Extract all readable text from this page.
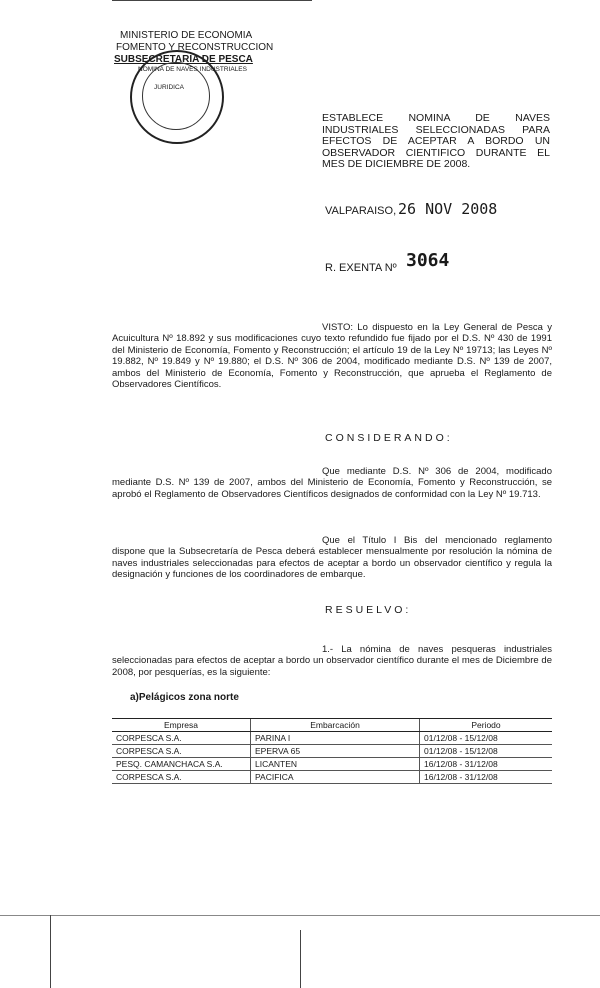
MINISTERIO DE ECONOMIA
FOMENTO Y RECONSTRUCCION
SUBSECRETARIA DE PESCA
NOMINA DE NAVES INDUSTRIALES
JURIDICA
ESTABLECE NOMINA DE NAVES INDUSTRIALES SELECCIONADAS PARA EFECTOS DE ACEPTAR A BORDO UN OBSERVADOR CIENTIFICO DURANTE EL MES DE DICIEMBRE DE 2008.
VALPARAISO, 26 NOV 2008
R. EXENTA Nº 3064
VISTO: Lo dispuesto en la Ley General de Pesca y Acuicultura Nº 18.892 y sus modificaciones cuyo texto refundido fue fijado por el D.S. Nº 430 de 1991 del Ministerio de Economía, Fomento y Reconstrucción; el artículo 19 de la Ley Nº 19713; las Leyes Nº 19.882, Nº 19.849 y Nº 19.880; el D.S. Nº 306 de 2004, modificado mediante D.S. Nº 139 de 2007, ambos del Ministerio de Economía, Fomento y Reconstrucción, que aprueba el Reglamento de Observadores Científicos.
CONSIDERANDO:
Que mediante D.S. Nº 306 de 2004, modificado mediante D.S. Nº 139 de 2007, ambos del Ministerio de Economía, Fomento y Reconstrucción, se aprobó el Reglamento de Observadores Científicos designados de conformidad con la Ley Nº 19.713.
Que el Título I Bis del mencionado reglamento dispone que la Subsecretaría de Pesca deberá establecer mensualmente por resolución la nómina de naves industriales seleccionadas para efectos de aceptar a bordo un observador científico y regula la designación y funciones de los coordinadores de embarque.
RESUELVO:
1.- La nómina de naves pesqueras industriales seleccionadas para efectos de aceptar a bordo un observador científico durante el mes de Diciembre de 2008, por pesquerías, es la siguiente:
a)Pelágicos zona norte
Empresa	Embarcación	Periodo
CORPESCA S.A.	PARINA I	01/12/08 - 15/12/08
CORPESCA S.A.	EPERVA 65	01/12/08 - 15/12/08
PESQ. CAMANCHACA S.A.	LICANTEN	16/12/08 - 31/12/08
CORPESCA S.A.	PACIFICA	16/12/08 - 31/12/08
